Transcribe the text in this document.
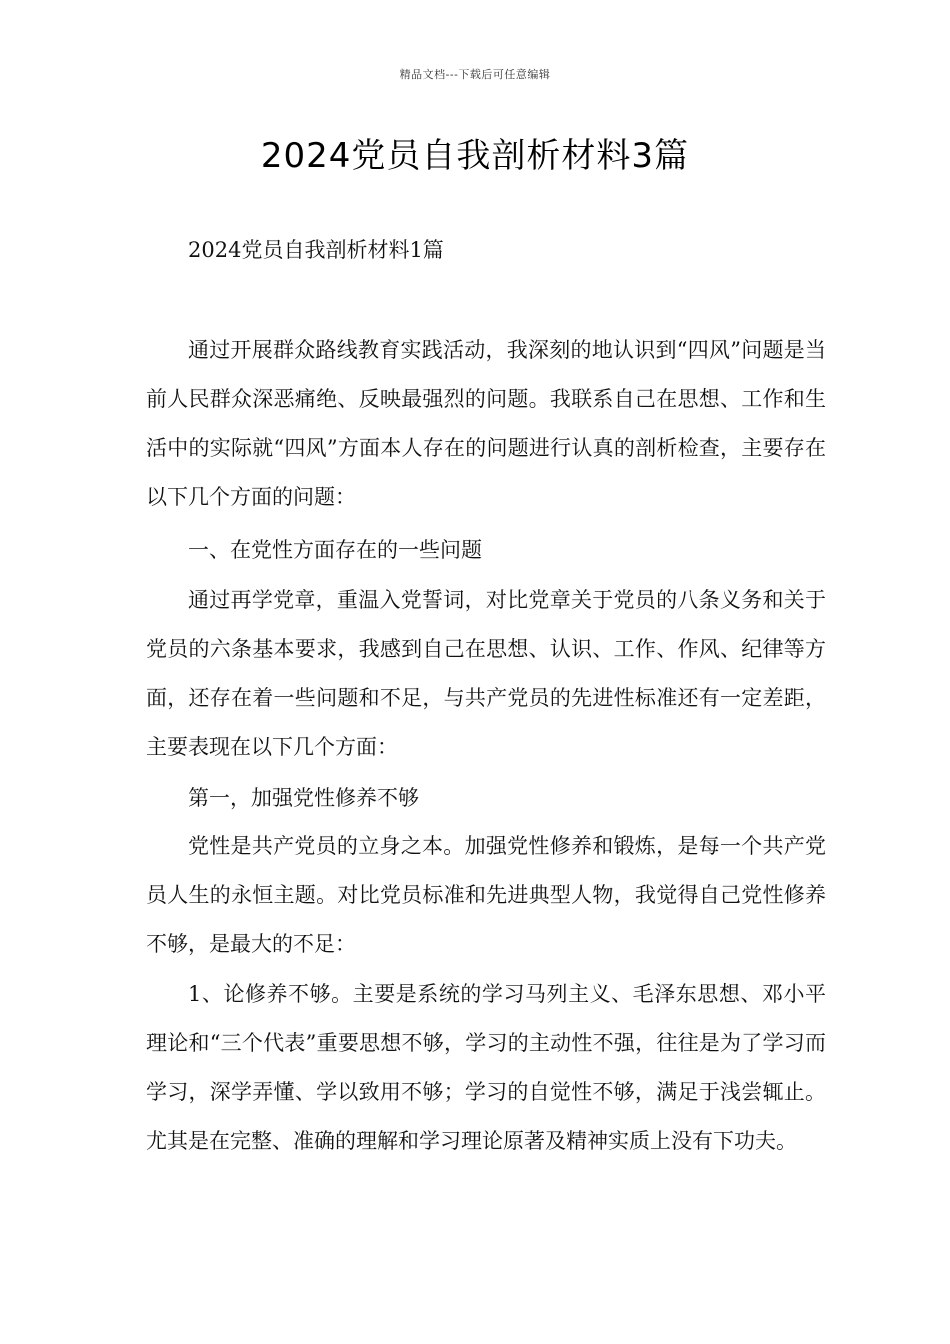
精品文档---下载后可任意编辑
2024党员自我剖析材料3篇

2024党员自我剖析材料1篇

通过开展群众路线教育实践活动，我深刻的地认识到“四风”问题是当前人民群众深恶痛绝、反映最强烈的问题。我联系自己在思想、工作和生活中的实际就“四风”方面本人存在的问题进行认真的剖析检查，主要存在以下几个方面的问题：

一、在党性方面存在的一些问题

通过再学党章，重温入党誓词，对比党章关于党员的八条义务和关于党员的六条基本要求，我感到自己在思想、认识、工作、作风、纪律等方面，还存在着一些问题和不足，与共产党员的先进性标准还有一定差距，主要表现在以下几个方面：

第一，加强党性修养不够

党性是共产党员的立身之本。加强党性修养和锻炼，是每一个共产党员人生的永恒主题。对比党员标准和先进典型人物，我觉得自己党性修养不够，是最大的不足：

1、论修养不够。主要是系统的学习马列主义、毛泽东思想、邓小平理论和“三个代表”重要思想不够，学习的主动性不强，往往是为了学习而学习，深学弄懂、学以致用不够；学习的自觉性不够，满足于浅尝辄止。尤其是在完整、准确的理解和学习理论原著及精神实质上没有下功夫。
